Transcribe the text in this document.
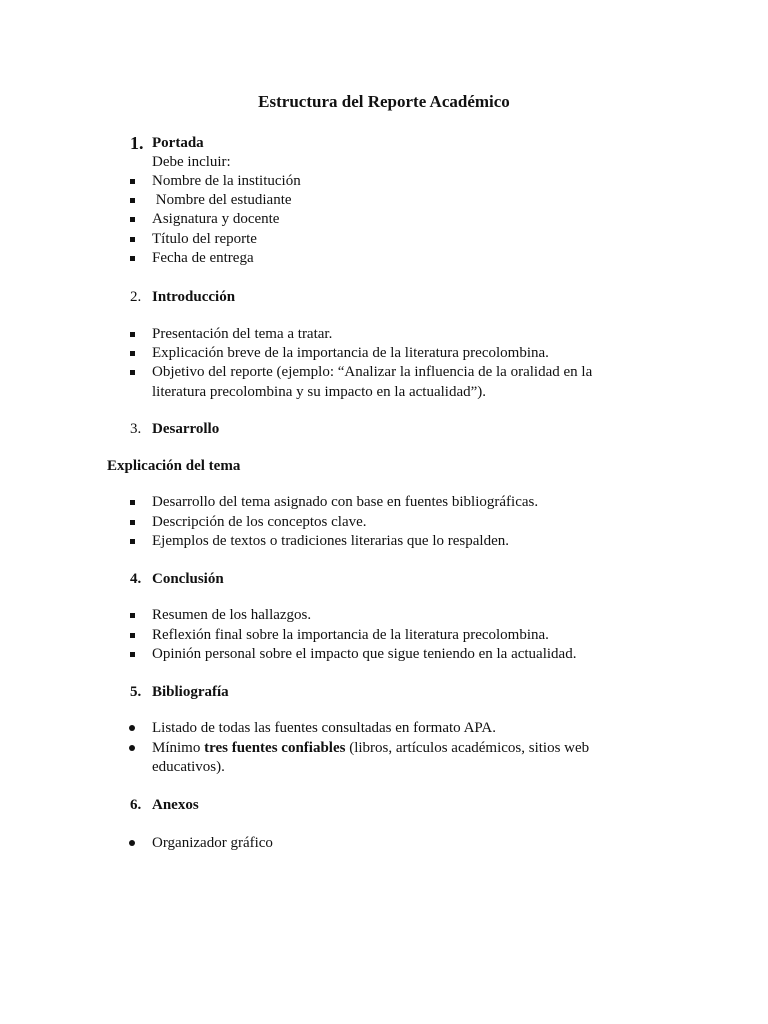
Estructura del Reporte Académico
1. Portada
Debe incluir:
Nombre de la institución
Nombre del estudiante
Asignatura y docente
Título del reporte
Fecha de entrega
2. Introducción
Presentación del tema a tratar.
Explicación breve de la importancia de la literatura precolombina.
Objetivo del reporte (ejemplo: “Analizar la influencia de la oralidad en la
literatura precolombina y su impacto en la actualidad”).
3. Desarrollo
Explicación del tema
Desarrollo del tema asignado con base en fuentes bibliográficas.
Descripción de los conceptos clave.
Ejemplos de textos o tradiciones literarias que lo respalden.
4. Conclusión
Resumen de los hallazgos.
Reflexión final sobre la importancia de la literatura precolombina.
Opinión personal sobre el impacto que sigue teniendo en la actualidad.
5. Bibliografía
Listado de todas las fuentes consultadas en formato APA.
Mínimo tres fuentes confiables (libros, artículos académicos, sitios web
educativos).
6. Anexos
Organizador gráfico
